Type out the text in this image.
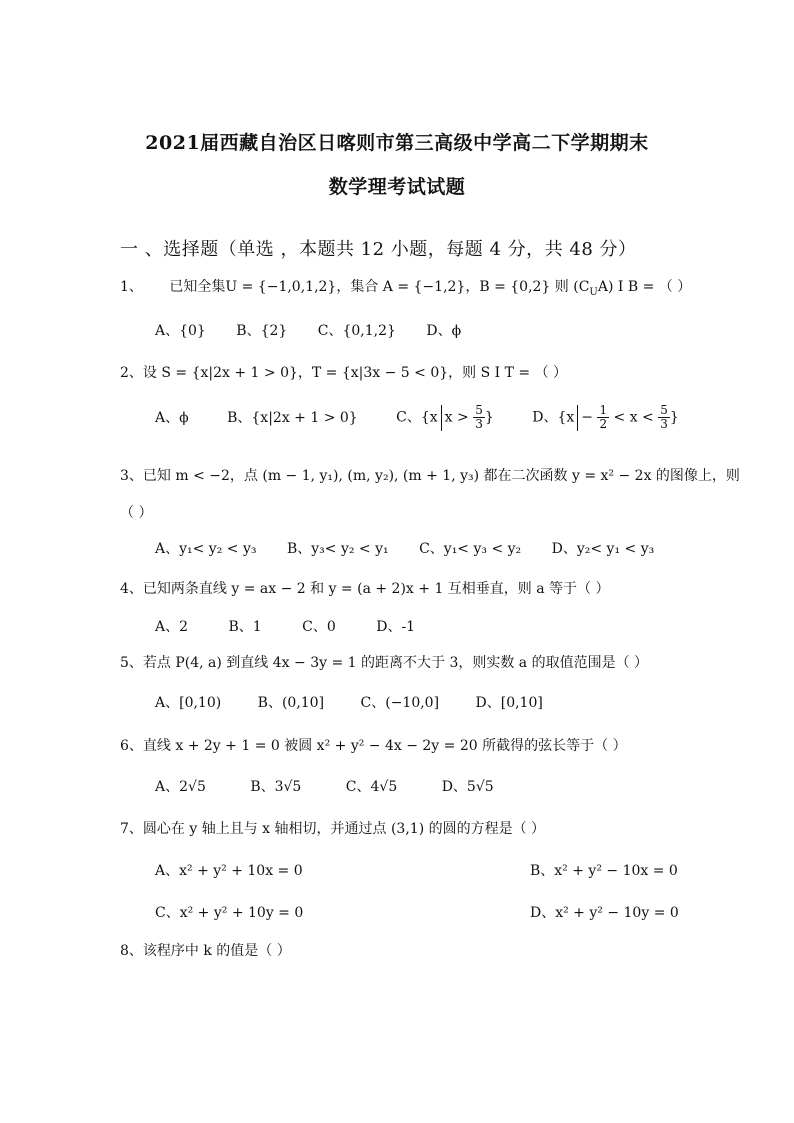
2021届西藏自治区日喀则市第三高级中学高二下学期期末
数学理考试试题
一 、选择题（单选 ，本题共 12 小题，每题 4 分，共 48 分）
1、 已知全集U = {−1,0,1,2}，集合 A = {−1,2}，B = {0,2} 则 $(C_UA)$ I B = （ ）
A、{0} B、{2} C、{0,1,2} D、ϕ
2、设 S = {x|2x + 1 > 0}，T = {x|3x − 5 < 0}，则 S I T = （ ）
A、ϕ	B、{x|2x + 1 > 0}	C、{x $x > \frac{5}{3}$ }	D、{$x - \frac{1}{2} < x < \frac{5}{3}$ }
3、已知 m < −2，点 (m − 1, y₁), (m, y₂), (m + 1, y₃) 都在二次函数 y = x² − 2x 的图像上，则
（ ）
A、y₁< y₂ < y₃ B、y₃< y₂ < y₁ C、y₁< y₃ < y₂ D、y₂< y₁ < y₃
4、已知两条直线 y = ax − 2 和 y = (a + 2)x + 1 互相垂直，则 a 等于（ ）
A、2	B、1	C、0	D、-1
5、若点 P(4, a) 到直线 4x − 3y = 1 的距离不大于 3，则实数 a 的取值范围是（ ）
A、[0,10)	B、(0,10]	C、(−10,0]	D、[0,10]
6、直线 x + 2y + 1 = 0 被圆 x² + y² − 4x − 2y = 20 所截得的弦长等于（ ）
A、2√5	B、3√5	C、4√5	D、5√5
7、圆心在 y 轴上且与 x 轴相切，并通过点 (3,1) 的圆的方程是（ ）
A、x² + y² + 10x = 0	B、x² + y² − 10x = 0
C、x² + y² + 10y = 0	D、x² + y² − 10y = 0
8、该程序中 k 的值是（ ）
